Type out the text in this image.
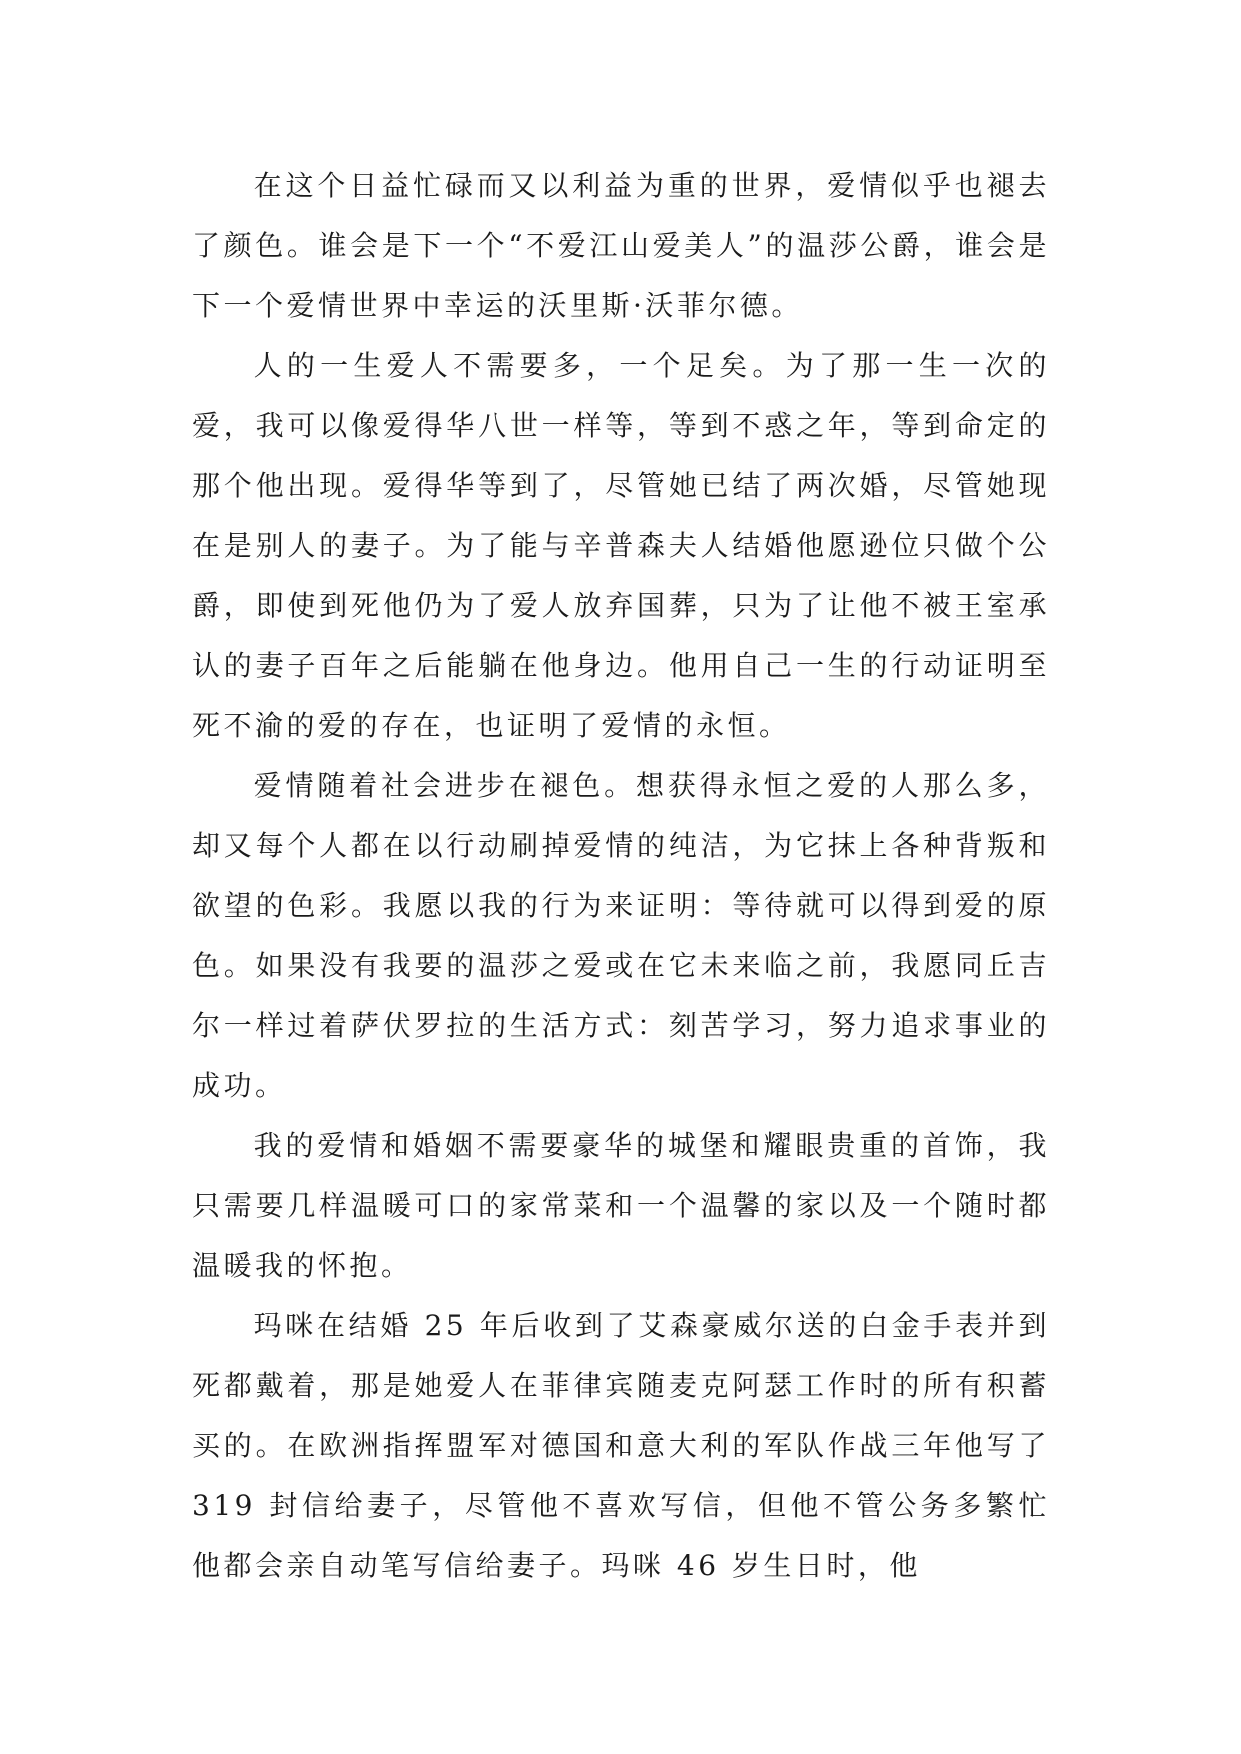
在这个日益忙碌而又以利益为重的世界，爱情似乎也褪去了颜色。谁会是下一个“不爱江山爱美人”的温莎公爵，谁会是下一个爱情世界中幸运的沃里斯·沃菲尔德。

人的一生爱人不需要多，一个足矣。为了那一生一次的爱，我可以像爱得华八世一样等，等到不惑之年，等到命定的那个他出现。爱得华等到了，尽管她已结了两次婚，尽管她现在是别人的妻子。为了能与辛普森夫人结婚他愿逊位只做个公爵，即使到死他仍为了爱人放弃国葬，只为了让他不被王室承认的妻子百年之后能躺在他身边。他用自己一生的行动证明至死不渝的爱的存在，也证明了爱情的永恒。

爱情随着社会进步在褪色。想获得永恒之爱的人那么多，却又每个人都在以行动刷掉爱情的纯洁，为它抹上各种背叛和欲望的色彩。我愿以我的行为来证明：等待就可以得到爱的原色。如果没有我要的温莎之爱或在它未来临之前，我愿同丘吉尔一样过着萨伏罗拉的生活方式：刻苦学习，努力追求事业的成功。

我的爱情和婚姻不需要豪华的城堡和耀眼贵重的首饰，我只需要几样温暖可口的家常菜和一个温馨的家以及一个随时都温暖我的怀抱。

玛咪在结婚 25 年后收到了艾森豪威尔送的白金手表并到死都戴着，那是她爱人在菲律宾随麦克阿瑟工作时的所有积蓄买的。在欧洲指挥盟军对德国和意大利的军队作战三年他写了 319 封信给妻子，尽管他不喜欢写信，但他不管公务多繁忙他都会亲自动笔写信给妻子。玛咪 46 岁生日时，他
